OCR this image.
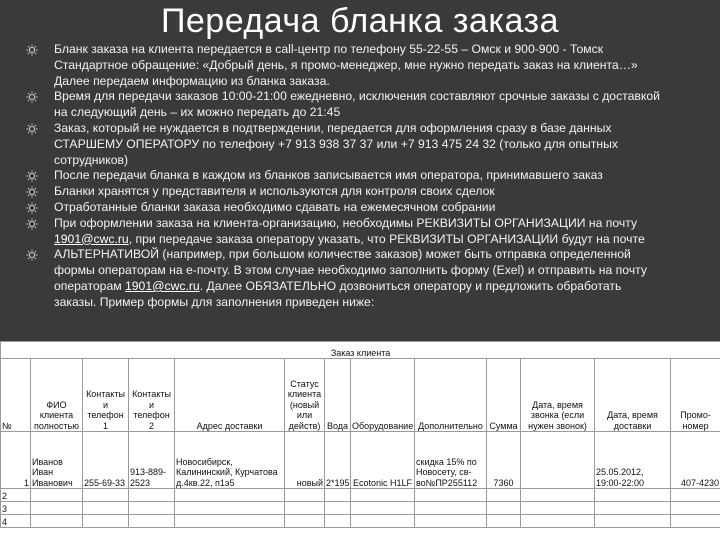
Передача бланка заказа
Бланк заказа на клиента передается в call-центр по телефону 55-22-55 – Омск и 900-900 - Томск
Стандартное обращение: «Добрый день, я промо-менеджер, мне нужно передать заказ на клиента…»
Далее передаем информацию из бланка заказа.
Время для передачи заказов 10:00-21:00 ежедневно, исключения составляют срочные заказы с доставкой
на следующий день – их можно передать до 21:45
Заказ, который не нуждается в подтверждении, передается для оформления сразу в базе данных
СТАРШЕМУ ОПЕРАТОРУ по телефону +7 913 938 37 37 или +7 913 475 24 32 (только для опытных
сотрудников)
После передачи бланка в каждом из бланков записывается имя оператора, принимавшего заказ
Бланки хранятся у представителя и используются для контроля своих сделок
Отработанные бланки заказа необходимо сдавать на ежемесячном собрании
При оформлении заказа на клиента-организацию, необходимы РЕКВИЗИТЫ ОРГАНИЗАЦИИ на почту
1901@cwc.ru, при передаче заказа оператору указать, что РЕКВИЗИТЫ ОРГАНИЗАЦИИ будут на почте
АЛЬТЕРНАТИВОЙ (например, при большом количестве заказов) может быть отправка определенной
формы операторам на e-почту. В этом случае необходимо заполнить форму (Exel) и отправить на почту
операторам 1901@cwc.ru. Далее ОБЯЗАТЕЛЬНО дозвониться оператору и предложить обработать
заказы. Пример формы для заполнения приведен ниже:
Заказ клиента												
№	ФИО клиента полностью	Контакты и телефон 1	Контакты и телефон 2	Адрес доставки	Статус клиента (новый или действ)	Вода	Оборудование	Дополнительно	Сумма	Дата, время звонка (если нужен звонок)	Дата, время доставки	Промо-номер
1	Иванов Иван Иванович	255-69-33	913-889-2523	Новосибирск, Калининский, Курчатова д.4кв.22, п1э5	новый	2*195	Ecotonic H1LF	скидка 15% по Новосету, св-во№ПР255112	7360		25.05.2012, 19:00-22:00	407-4230
2												
3												
4												
